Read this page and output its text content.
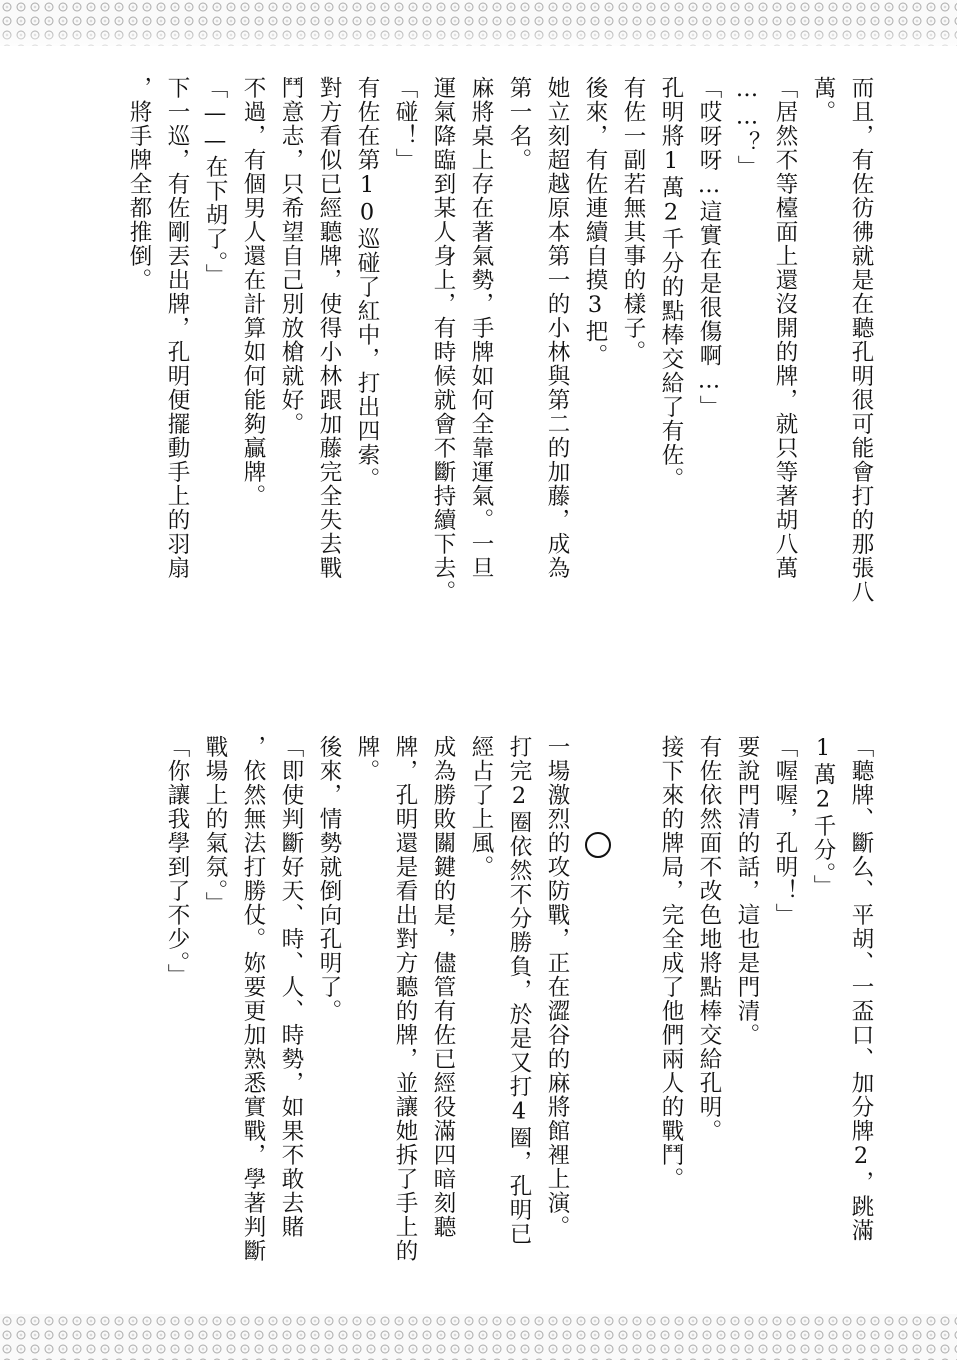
而且，有佐彷彿就是在聽孔明很可能會打的那張八
萬。
「居然不等檯面上還沒開的牌，就只等著胡八萬
……？」
「哎呀呀…這實在是很傷啊…」
孔明將1萬2千分的點棒交給了有佐。
有佐一副若無其事的樣子。
後來，有佐連續自摸3把。
她立刻超越原本第一的小林與第二的加藤，成為
第一名。
麻將桌上存在著氣勢，手牌如何全靠運氣。一旦
運氣降臨到某人身上，有時候就會不斷持續下去。
「碰！」
有佐在第10巡碰了紅中，打出四索。
對方看似已經聽牌，使得小林跟加藤完全失去戰
鬥意志，只希望自己別放槍就好。
不過，有個男人還在計算如何能夠贏牌。
「——在下胡了。」
下一巡，有佐剛丟出牌，孔明便擺動手上的羽扇
，將手牌全都推倒。
「聽牌、斷么、平胡、一盃口、加分牌2，跳滿
1萬2千分。」
「喔喔，孔明！」
要說門清的話，這也是門清。
有佐依然面不改色地將點棒交給孔明。
接下來的牌局，完全成了他們兩人的戰鬥。
一場激烈的攻防戰，正在澀谷的麻將館裡上演。
打完2圈依然不分勝負，於是又打4圈，孔明已
經占了上風。
成為勝敗關鍵的是，儘管有佐已經役滿四暗刻聽
牌，孔明還是看出對方聽的牌，並讓她拆了手上的
牌。
後來，情勢就倒向孔明了。
「即使判斷好天、時、人、時勢，如果不敢去賭
，依然無法打勝仗。妳要更加熟悉實戰，學著判斷
戰場上的氣氛。」
「你讓我學到了不少。」
